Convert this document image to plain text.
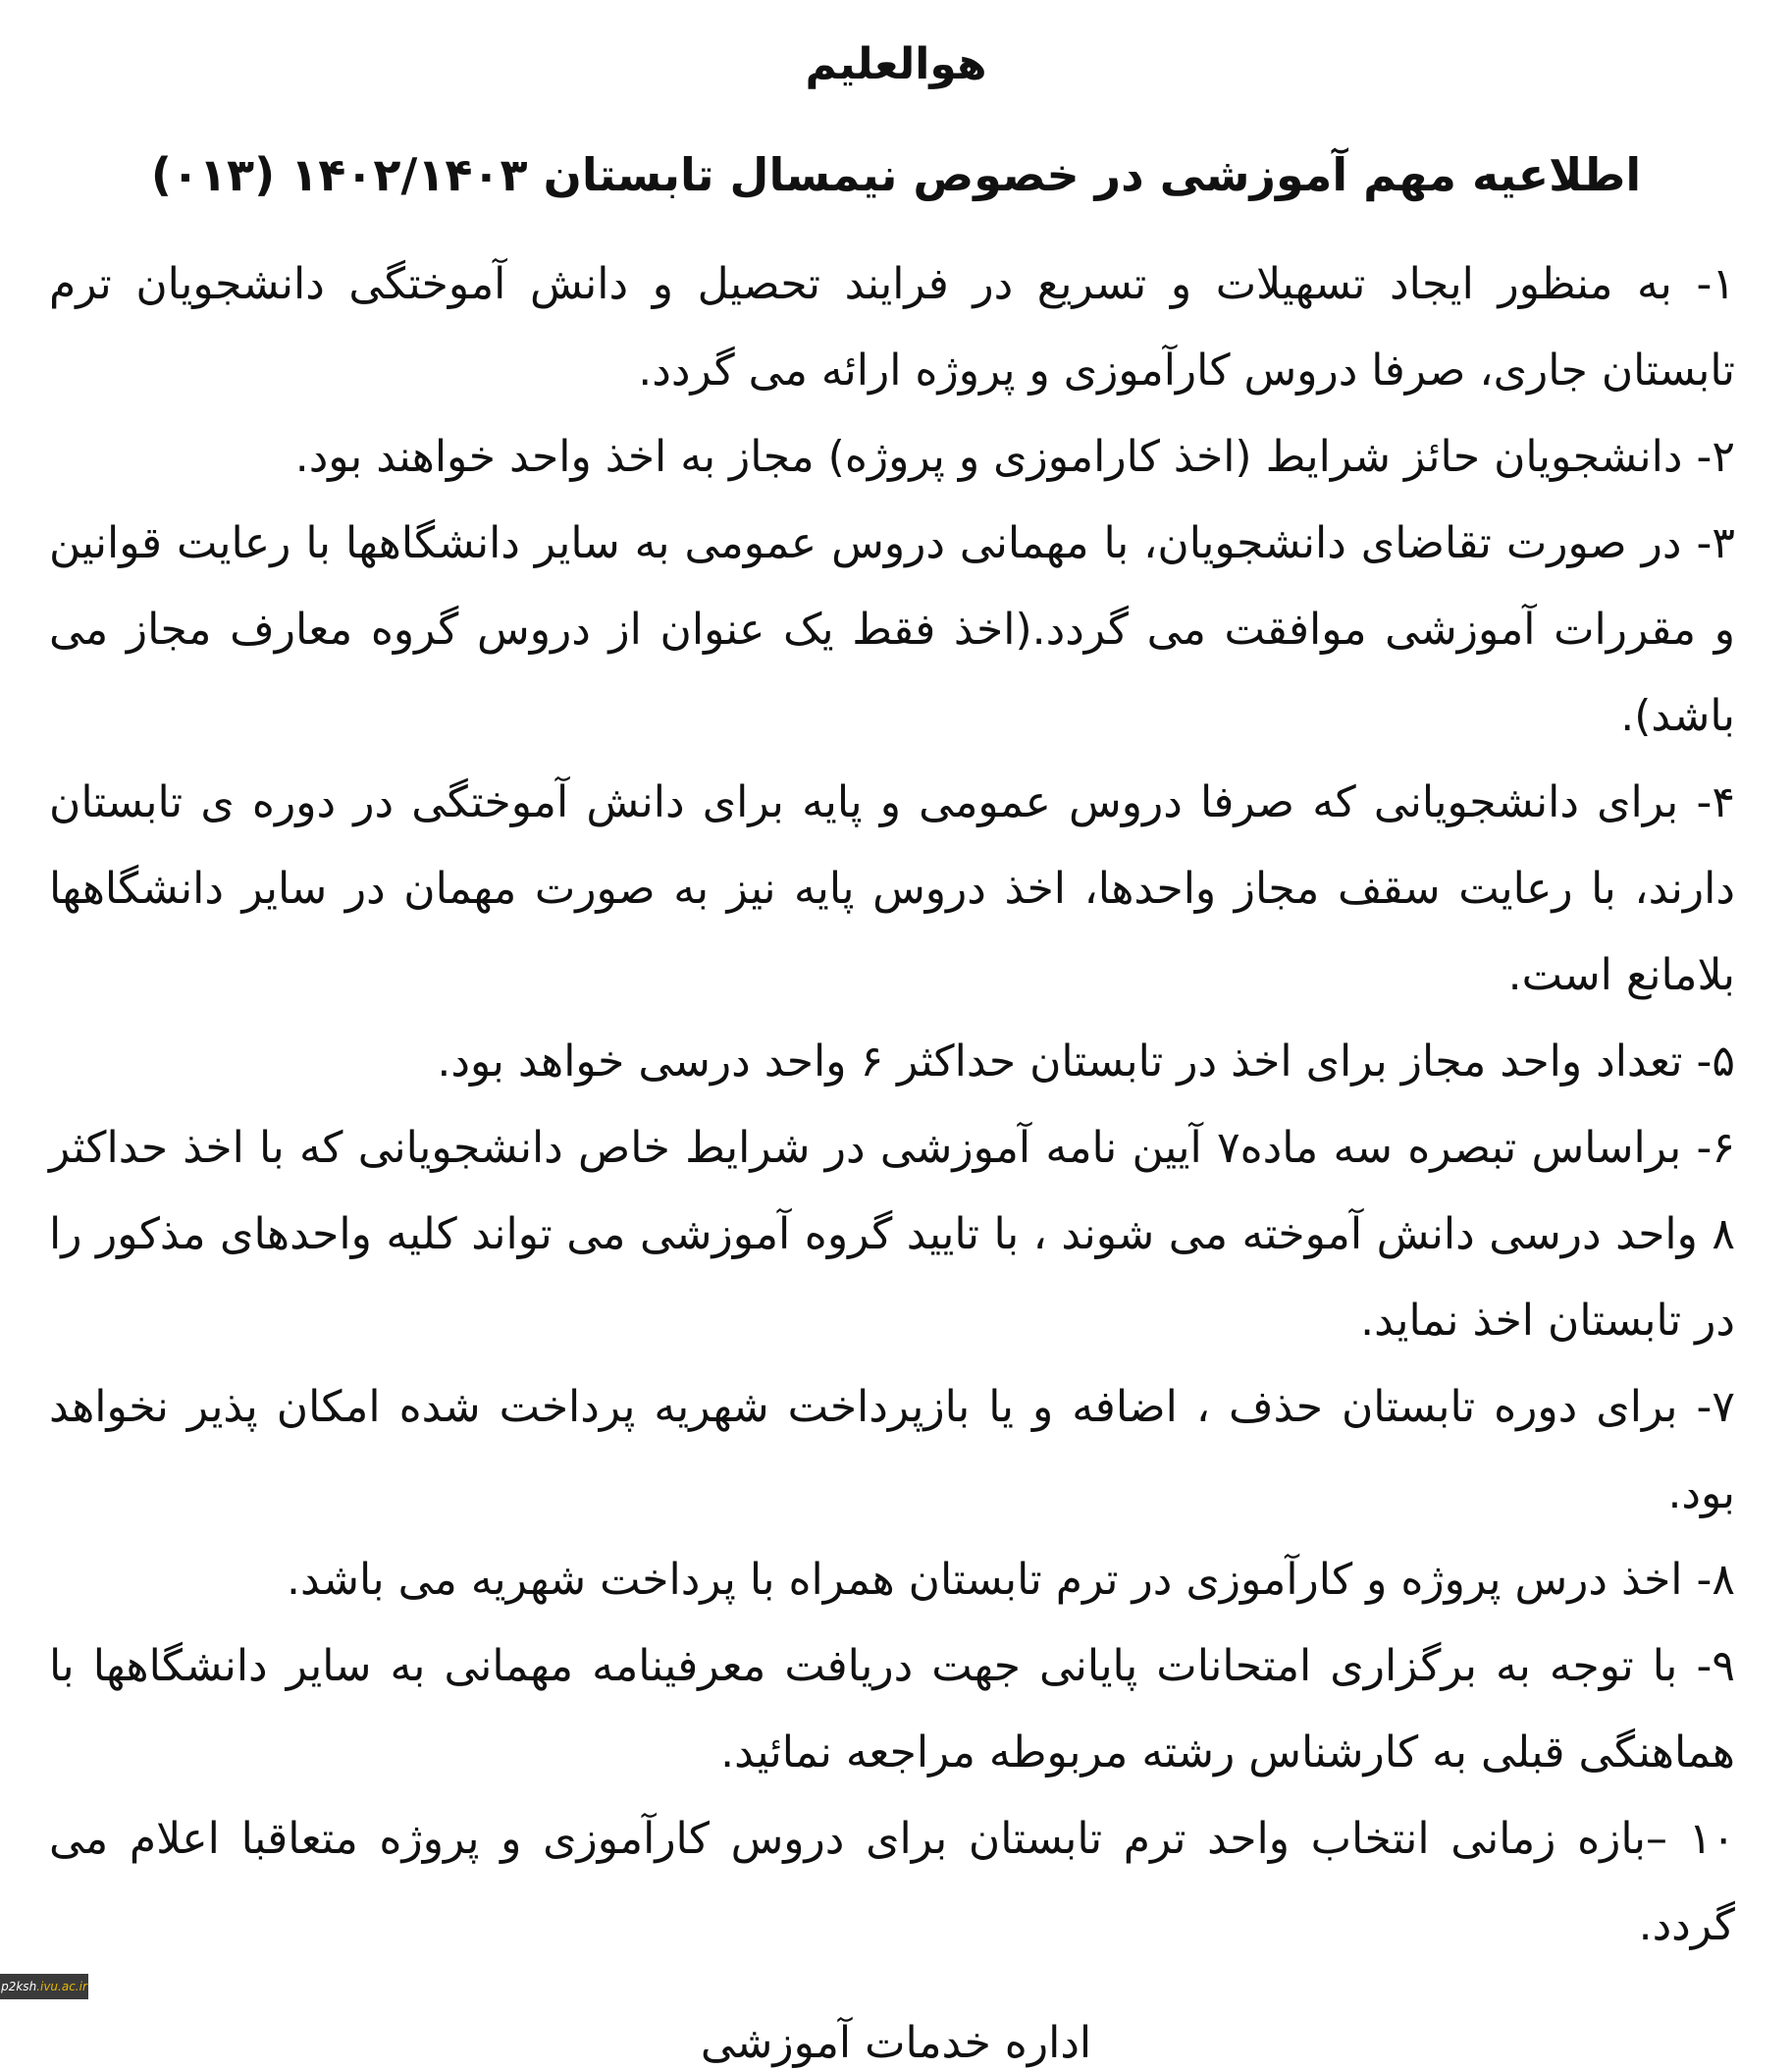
هوالعلیم
اطلاعیه مهم آموزشی در خصوص نیمسال تابستان ۱۴۰۲/۱۴۰۳ (۰۱۳)

۱- به منظور ایجاد تسهیلات و تسریع در فرایند تحصیل و دانش آموختگی دانشجویان ترم تابستان جاری، صرفا دروس کارآموزی و پروژه ارائه می گردد.

۲- دانشجویان حائز شرایط (اخذ کاراموزی و پروژه) مجاز به اخذ واحد خواهند بود.

۳- در صورت تقاضای دانشجویان، با مهمانی دروس عمومی به سایر دانشگاهها با رعایت قوانین و مقررات آموزشی موافقت می گردد.(اخذ فقط یک عنوان از دروس گروه معارف مجاز می باشد).

۴- برای دانشجویانی که صرفا دروس عمومی و پایه برای دانش آموختگی در دوره ی تابستان دارند، با رعایت سقف مجاز واحدها، اخذ دروس پایه نیز به صورت مهمان در سایر دانشگاهها بلامانع است.

۵- تعداد واحد مجاز برای اخذ در تابستان حداکثر ۶ واحد درسی خواهد بود.

۶- براساس تبصره سه ماده۷ آیین نامه آموزشی در شرایط خاص دانشجویانی که با اخذ حداکثر ۸ واحد درسی دانش آموخته می شوند ، با تایید گروه آموزشی می تواند کلیه واحدهای مذکور را در تابستان اخذ نماید.

۷- برای دوره تابستان حذف ، اضافه و یا بازپرداخت شهریه پرداخت شده امکان پذیر نخواهد بود.

۸- اخذ درس پروژه و کارآموزی در ترم تابستان همراه با پرداخت شهریه می باشد.

۹- با توجه به برگزاری امتحانات پایانی جهت دریافت معرفینامه مهمانی به سایر دانشگاهها با هماهنگی قبلی به کارشناس رشته مربوطه مراجعه نمائید.

۱۰ –بازه زمانی انتخاب واحد ترم تابستان برای دروس کارآموزی و پروژه متعاقبا اعلام می گردد.

اداره خدمات آموزشی
p2ksh.ivu.ac.ir
